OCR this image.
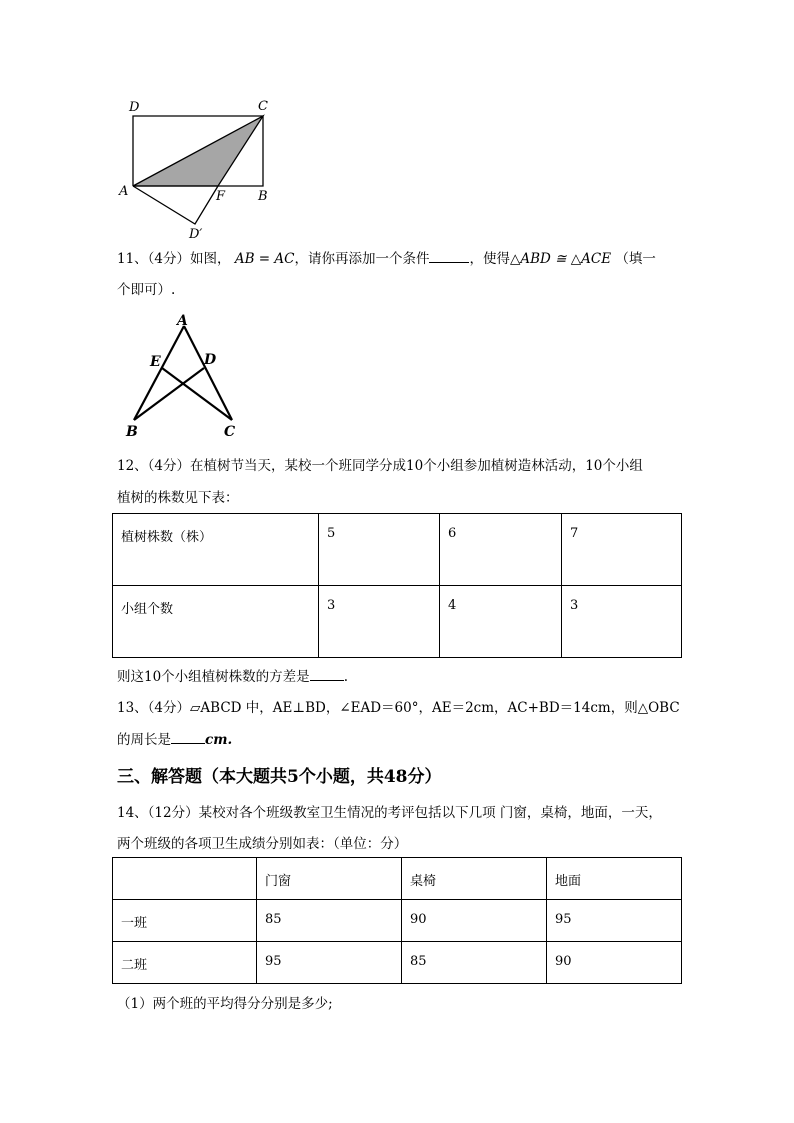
D	C
A	F	B
D′
11、（4分）如图， AB = AC，请你再添加一个条件	，使得△ABD ≅ △ACE （填一
个即可）.
A
E	D
B	C
12、（4分）在植树节当天，某校一个班同学分成10个小组参加植树造林活动，10个小组
植树的株数见下表：
植树株数（株）	5	6	7
小组个数	3	4	3
则这10个小组植树株数的方差是	.
13、（4分）▱ABCD 中，AE⊥BD，∠EAD＝60°，AE＝2cm，AC+BD＝14cm，则△OBC
的周长是	cm.
三、解答题（本大题共5个小题，共48分）
14、（12分）某校对各个班级教室卫生情况的考评包括以下几项 门窗，桌椅，地面，一天，
两个班级的各项卫生成绩分别如表：（单位：分）
	门窗	桌椅	地面
一班	85	90	95
二班	95	85	90
（1）两个班的平均得分分别是多少;
